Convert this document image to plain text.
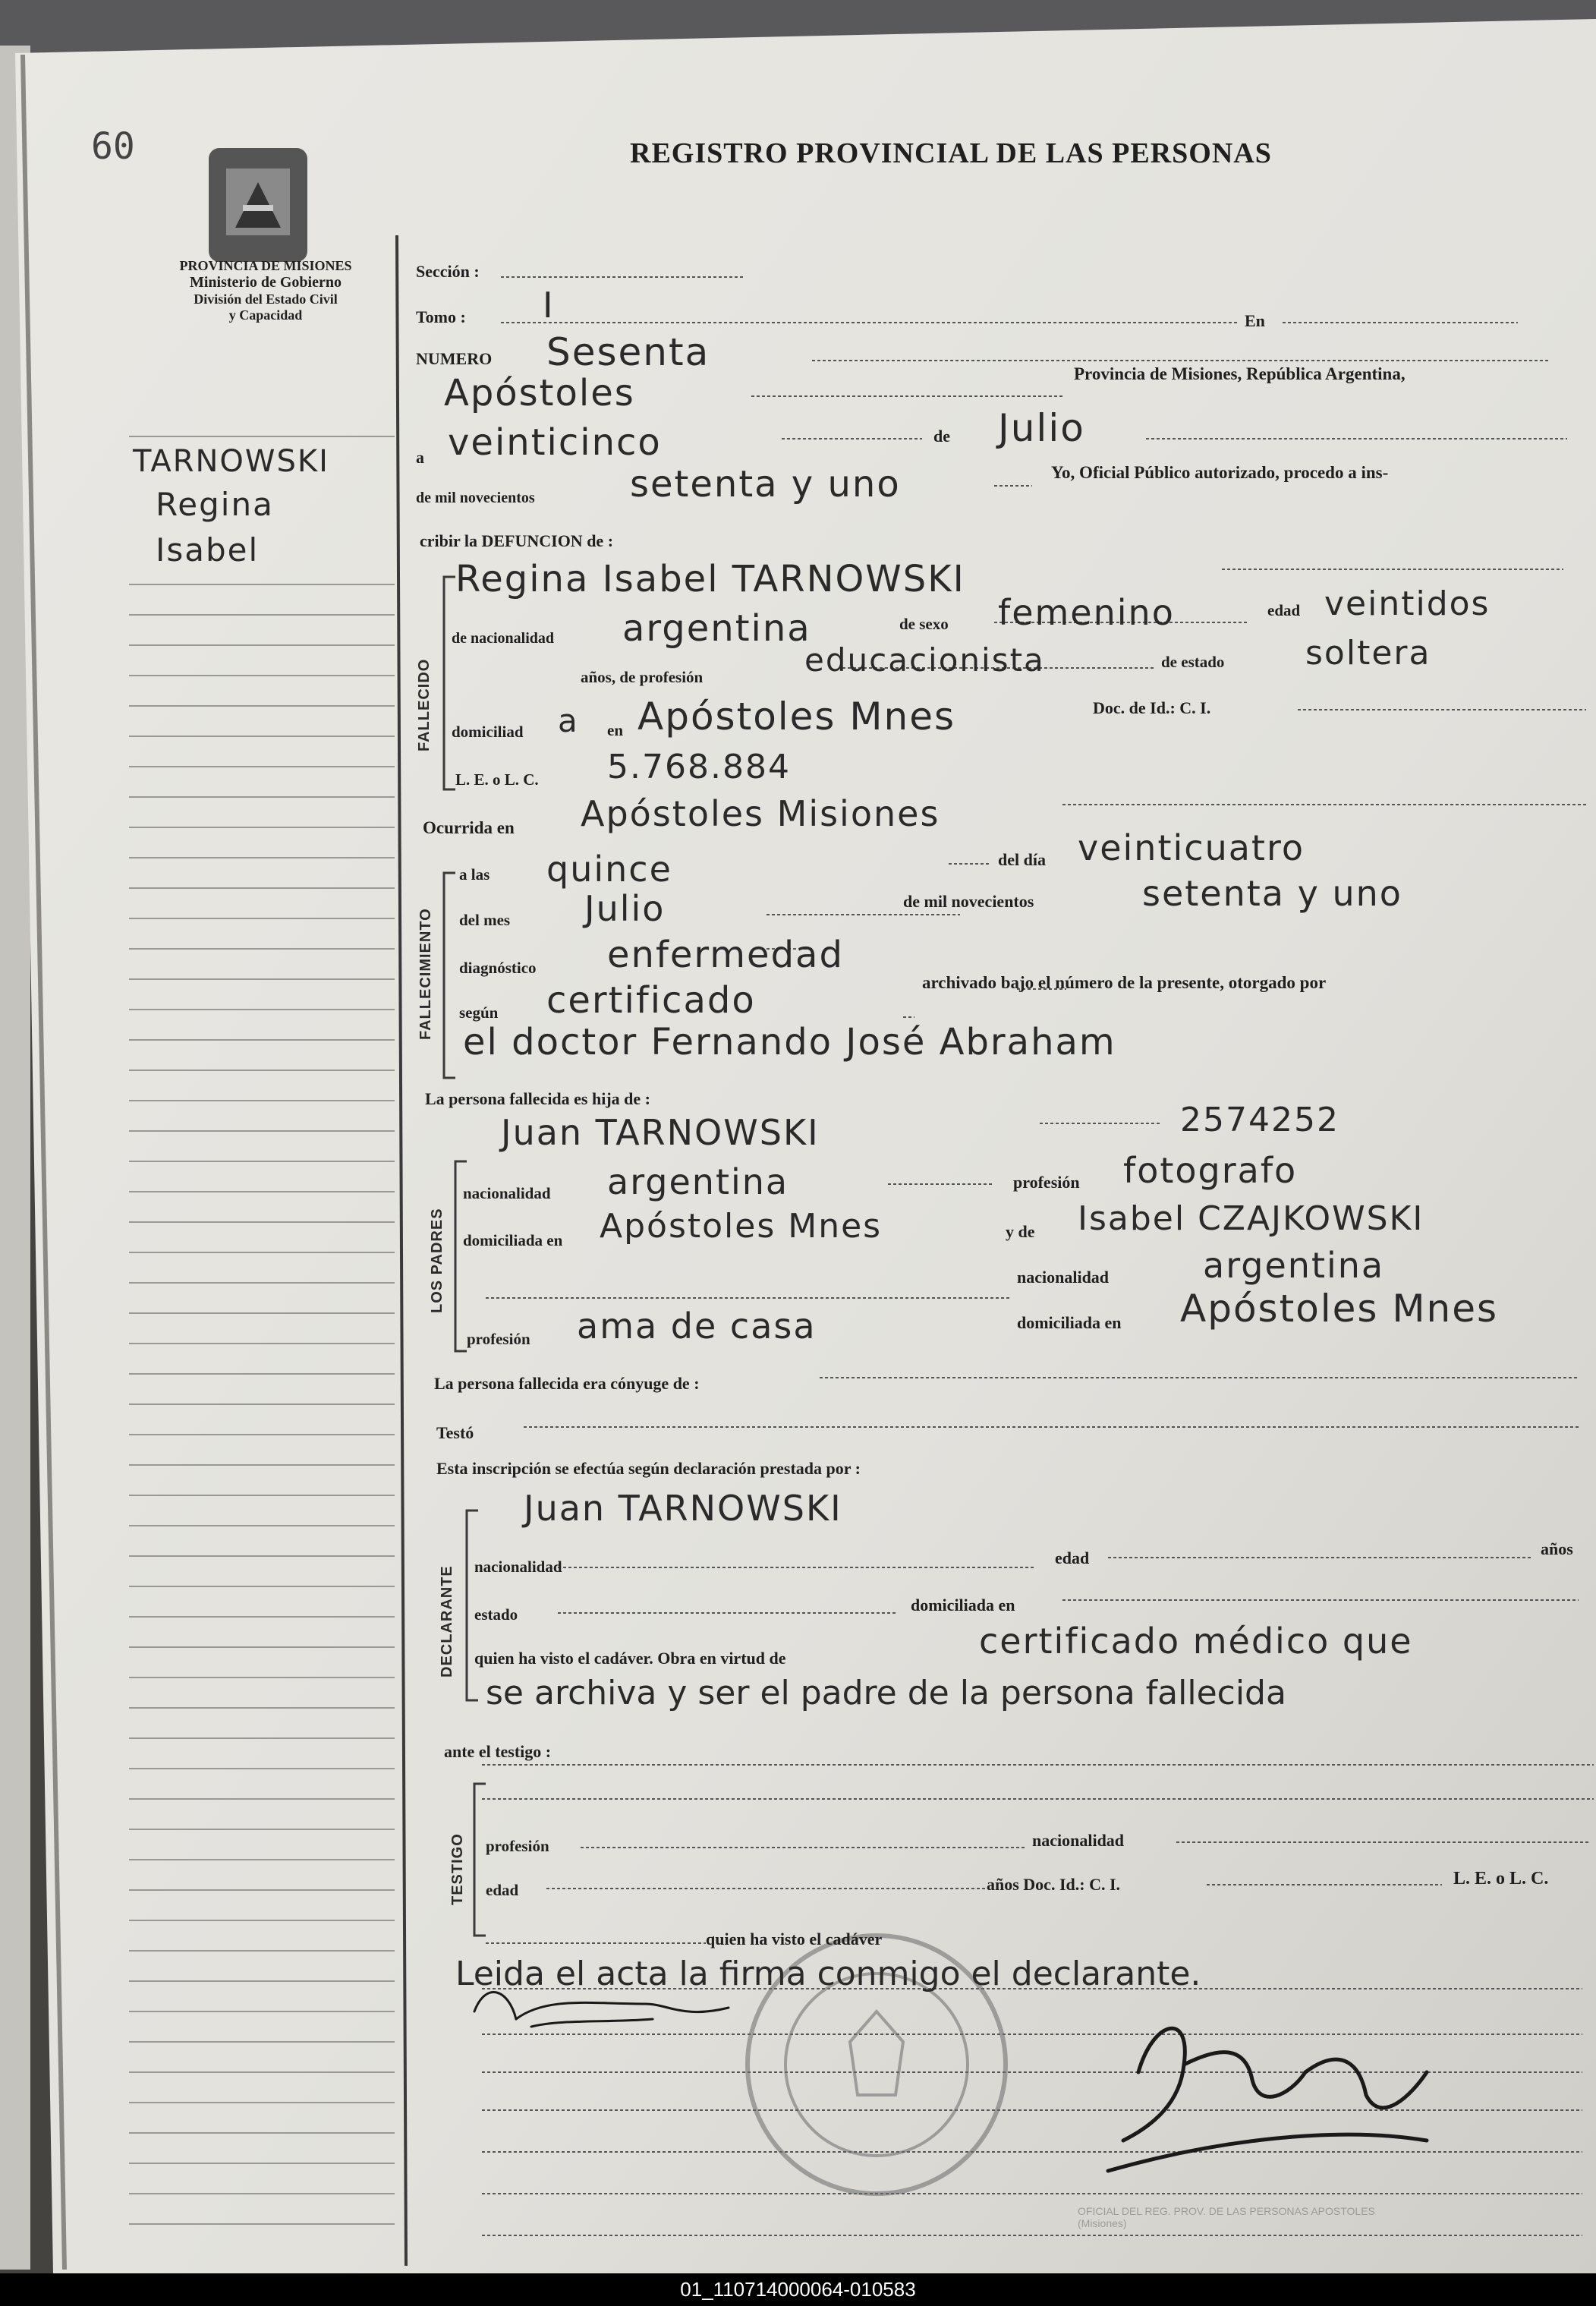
60	REGISTRO PROVINCIAL DE LAS PERSONAS
PROVINCIA DE MISIONES
Ministerio de Gobierno
División del Estado Civil
y Capacidad
TARNOWSKI
Regina
Isabel
FALLECIDO
FALLECIMIENTO
LOS PADRES
DECLARANTE
TESTIGO
Sección :
Tomo : I	En
NUMERO Sesenta
Apóstoles	Provincia de Misiones, República Argentina,
a veinticinco	de Julio
de mil novecientos	setenta y uno	Yo, Oficial Público autorizado, procedo a ins-
cribir la DEFUNCION de :
Regina Isabel TARNOWSKI
de nacionalidad argentina	de sexo femenino	edad veintidos
años, de profesión	educacionista	de estado soltera
domiciliad a en Apóstoles Mnes	Doc. de Id.: C. I.
L. E. o L. C. 5.768.884
Ocurrida en Apóstoles Misiones
a las quince	del día veinticuatro
del mes Julio	de mil novecientos	setenta y uno
diagnóstico enfermedad
según certificado	archivado bajo el número de la presente, otorgado por
el doctor Fernando José Abraham
La persona fallecida es hija de :
Juan TARNOWSKI	2574252
nacionalidad argentina	profesión fotografo
domiciliada en Apóstoles Mnes	y de Isabel CZAJKOWSKI
nacionalidad	argentina
profesión ama de casa	domiciliada en Apóstoles Mnes
La persona fallecida era cónyuge de :
Testó
Esta inscripción se efectúa según declaración prestada por :
Juan TARNOWSKI
nacionalidad	edad	años
estado	domiciliada en
quien ha visto el cadáver. Obra en virtud de	certificado médico que
se archiva y ser el padre de la persona fallecida
ante el testigo :
profesión	nacionalidad
edad	años Doc. Id.: C. I.	L. E. o L. C.
quien ha visto el cadáver
Leida el acta la firma conmigo el declarante.
OFICIAL DEL REG. PROV. DE LAS PERSONAS APOSTOLES (Misiones)
01_110714000064-010583
